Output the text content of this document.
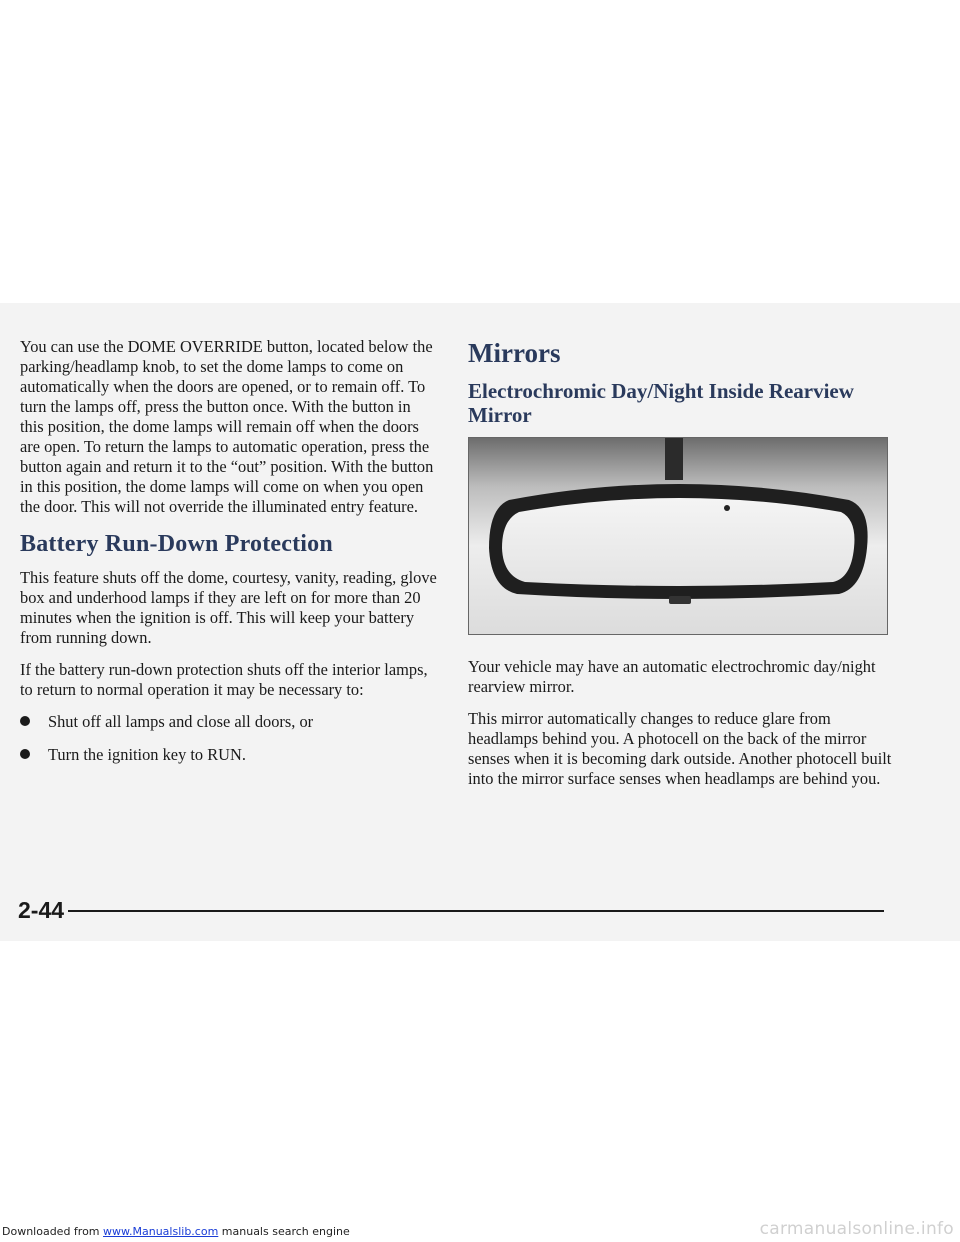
You can use the DOME OVERRIDE button, located below the parking/headlamp knob, to set the dome lamps to come on automatically when the doors are opened, or to remain off. To turn the lamps off, press the button once. With the button in this position, the dome lamps will remain off when the doors are open. To return the lamps to automatic operation, press the button again and return it to the “out” position. With the button in this position, the dome lamps will come on when you open the door. This will not override the illuminated entry feature.

Battery Run-Down Protection

This feature shuts off the dome, courtesy, vanity, reading, glove box and underhood lamps if they are left on for more than 20 minutes when the ignition is off. This will keep your battery from running down.

If the battery run-down protection shuts off the interior lamps, to return to normal operation it may be necessary to:

Shut off all lamps and close all doors, or
Turn the ignition key to RUN.
Mirrors
Electrochromic Day/Night Inside Rearview Mirror

Your vehicle may have an automatic electrochromic day/night rearview mirror.

This mirror automatically changes to reduce glare from headlamps behind you. A photocell on the back of the mirror senses when it is becoming dark outside. Another photocell built into the mirror surface senses when headlamps are behind you.

2-44
Downloaded from www.Manualslib.com manuals search engine	carmanualsonline.info
